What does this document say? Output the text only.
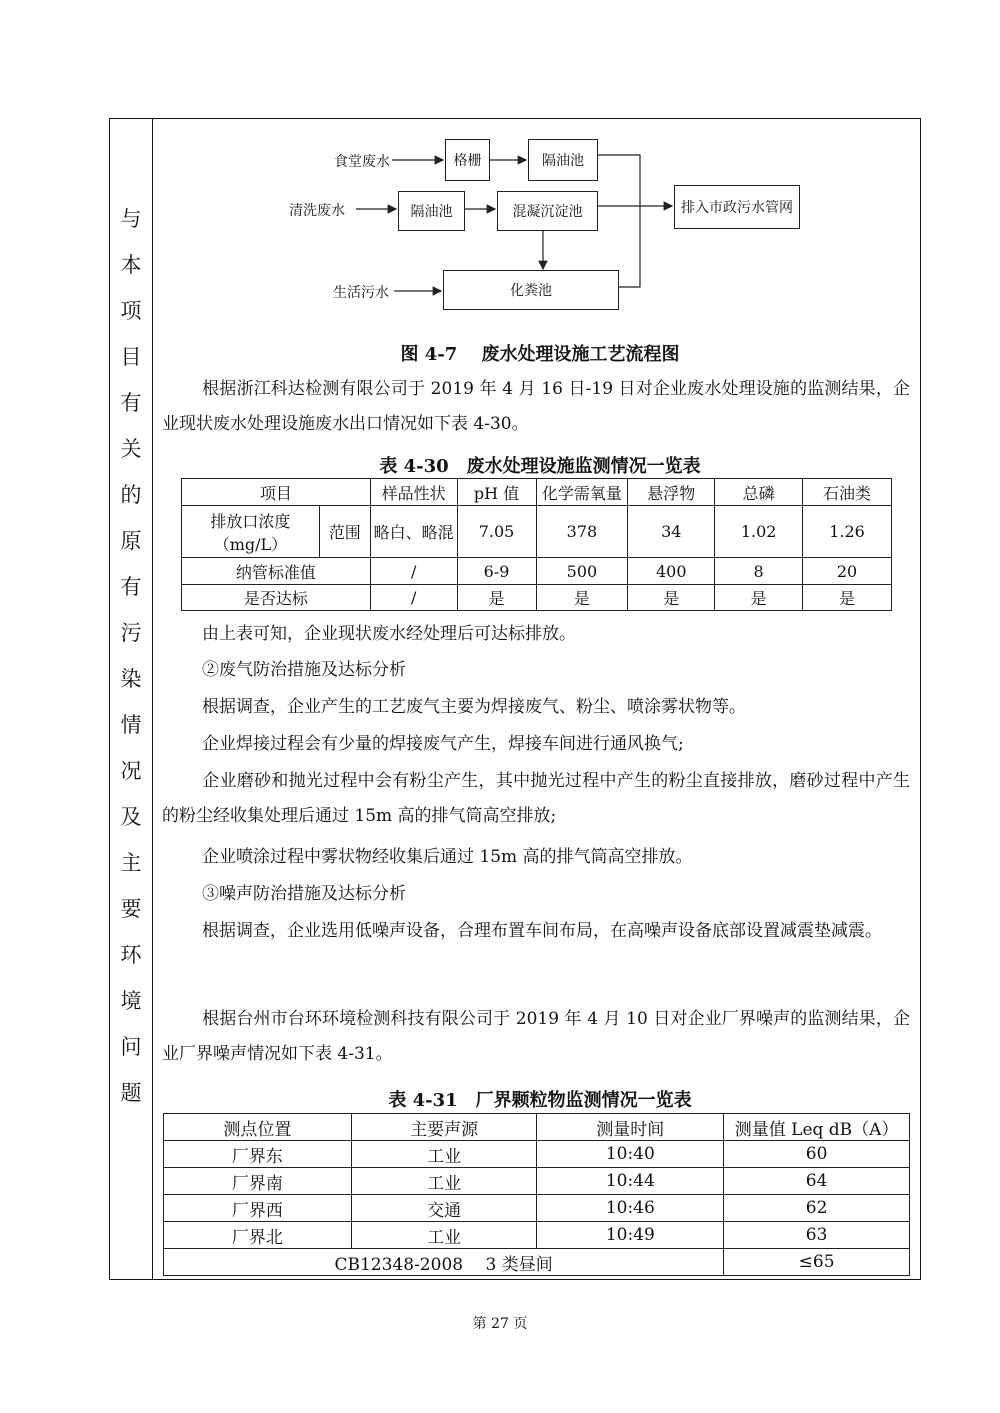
与
本
项
目
有
关
的
原
有
污
染
情
况
及
主
要
环
境
问
题
食堂废水
清洗废水
生活污水
格栅	隔油池
隔油池	混凝沉淀池
化粪池
排入市政污水管网
图 4-7　 废水处理设施工艺流程图
根据浙江科达检测有限公司于 2019 年 4 月 16 日-19 日对企业废水处理设施的监测结果，企业现状废水处理设施废水出口情况如下表 4-30。
表 4-30　废水处理设施监测情况一览表
项目		样品性状	pH 值	化学需氧量	悬浮物	总磷	石油类
排放口浓度（mg/L）	范围	略白、略混	7.05	378	34	1.02	1.26
纳管标准值		/	6-9	500	400	8	20
是否达标		/	是	是	是	是	是
由上表可知，企业现状废水经处理后可达标排放。
②废气防治措施及达标分析
根据调查，企业产生的工艺废气主要为焊接废气、粉尘、喷涂雾状物等。
企业焊接过程会有少量的焊接废气产生，焊接车间进行通风换气;
企业磨砂和抛光过程中会有粉尘产生，其中抛光过程中产生的粉尘直接排放，磨砂过程中产生的粉尘经收集处理后通过 15m 高的排气筒高空排放;
企业喷涂过程中雾状物经收集后通过 15m 高的排气筒高空排放。
③噪声防治措施及达标分析
根据调查，企业选用低噪声设备，合理布置车间布局，在高噪声设备底部设置减震垫减震。
根据台州市台环环境检测科技有限公司于 2019 年 4 月 10 日对企业厂界噪声的监测结果，企业厂界噪声情况如下表 4-31。
表 4-31　厂界颗粒物监测情况一览表
测点位置	主要声源	测量时间	测量值 Leq dB（A）
厂界东	工业	10:40	60
厂界南	工业	10:44	64
厂界西	交通	10:46	62
厂界北	工业	10:49	63
CB12348-2008　 3 类昼间			≤65
第 27 页
